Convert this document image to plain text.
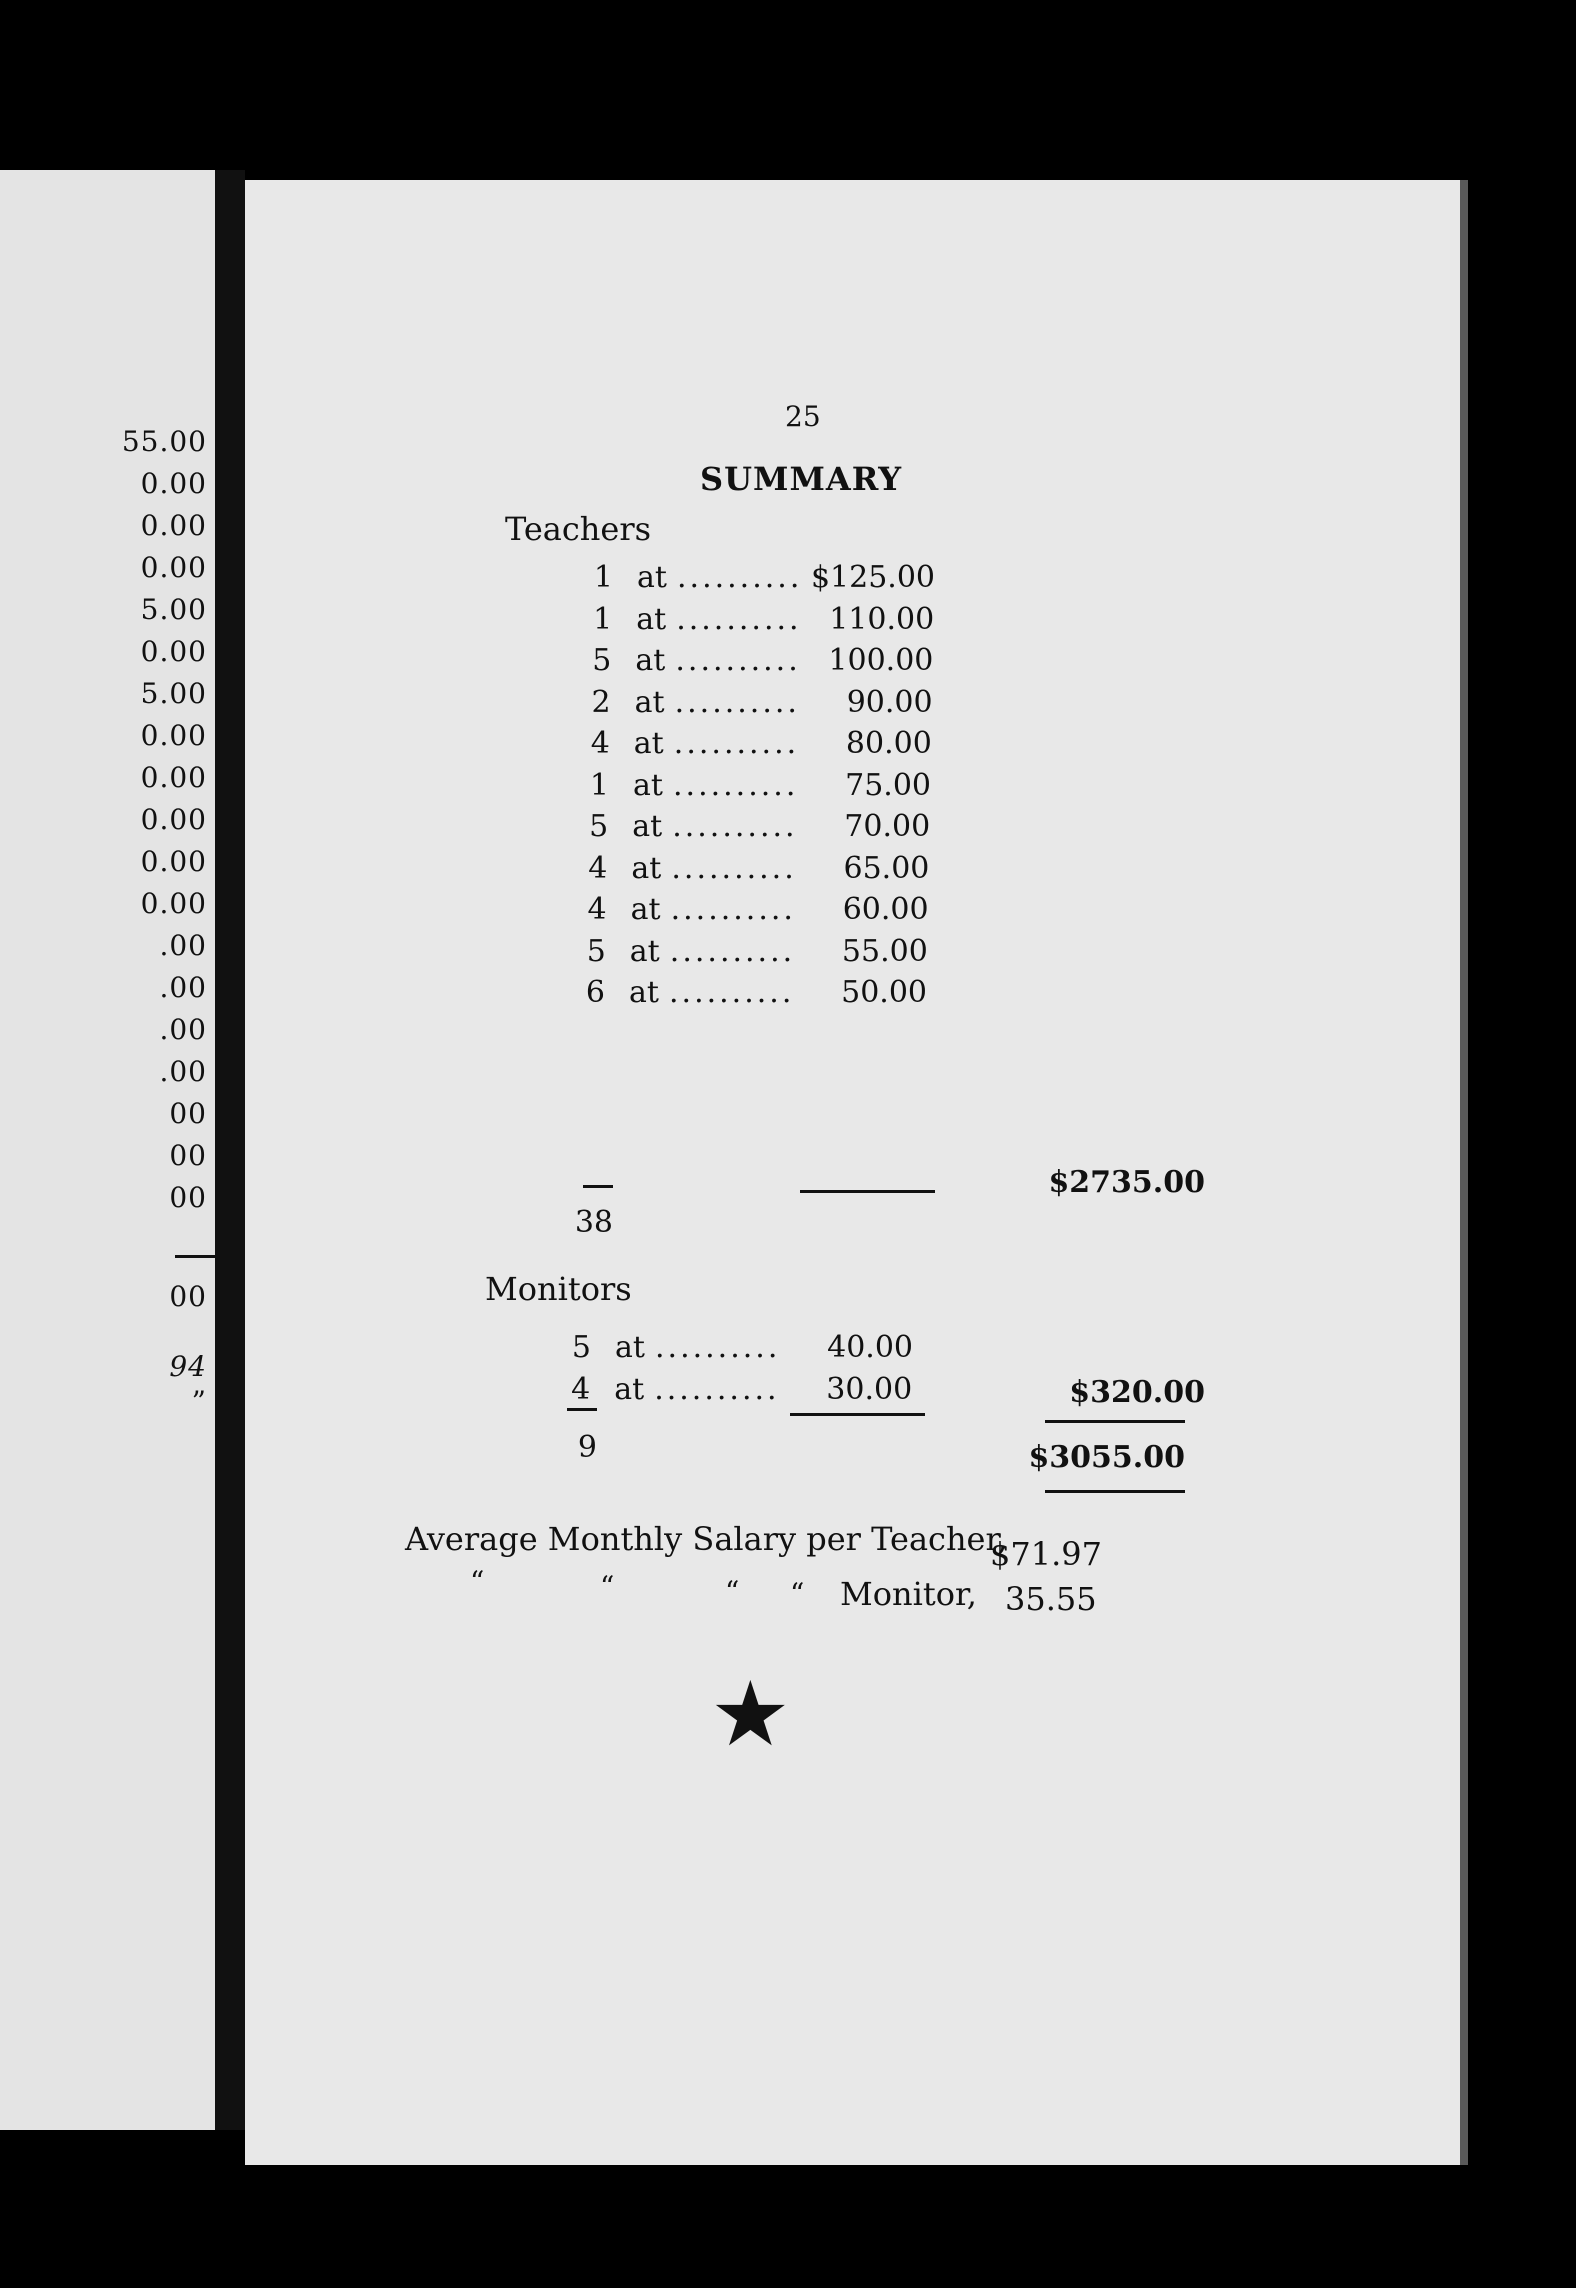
55.00
0.00
0.00
0.00
5.00
0.00
5.00
0.00
0.00
0.00
0.00
0.00
.00
.00
.00
.00
00
00
00
00
94
”
25
SUMMARY
Teachers
1 at .......... $125.00
1 at .......... 110.00
5 at .......... 100.00
2 at ..........	90.00
4 at ..........	80.00
1 at ..........	75.00
5 at ..........	70.00
4 at ..........	65.00
4 at ..........	60.00
5 at ..........	55.00
6 at ..........	50.00
38
$2735.00
Monitors
5 at ..........	40.00
4 at ..........	30.00
9
$320.00
$3055.00
Average Monthly Salary per Teacher,
$71.97
“	“	“ “ Monitor, 35.55
★
